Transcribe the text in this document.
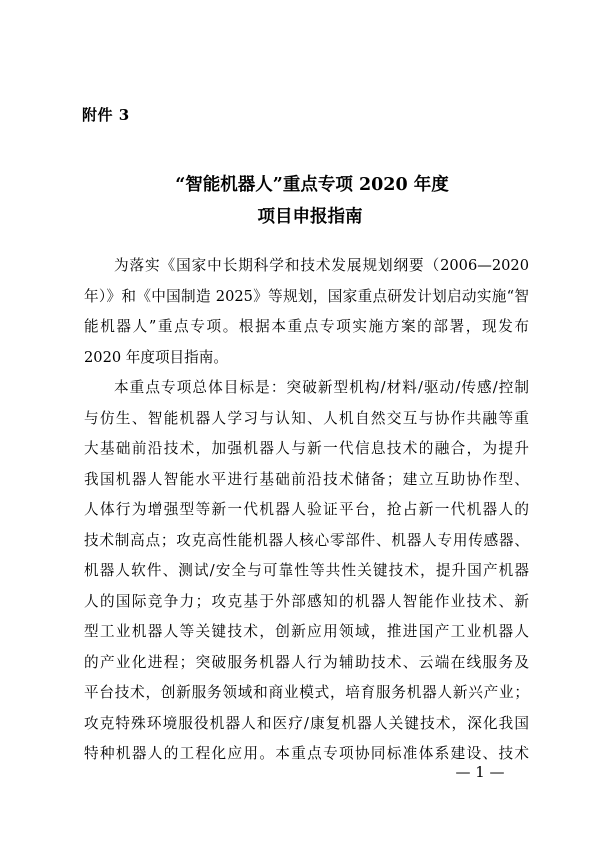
附件 3
“智能机器人”重点专项 2020 年度
项目申报指南
为落实《国家中长期科学和技术发展规划纲要（2006—2020
年）》和《中国制造 2025》等规划，国家重点研发计划启动实施“智
能机器人”重点专项。根据本重点专项实施方案的部署，现发布
2020 年度项目指南。
本重点专项总体目标是：突破新型机构/材料/驱动/传感/控制
与仿生、智能机器人学习与认知、人机自然交互与协作共融等重
大基础前沿技术，加强机器人与新一代信息技术的融合，为提升
我国机器人智能水平进行基础前沿技术储备；建立互助协作型、
人体行为增强型等新一代机器人验证平台，抢占新一代机器人的
技术制高点；攻克高性能机器人核心零部件、机器人专用传感器、
机器人软件、测试/安全与可靠性等共性关键技术，提升国产机器
人的国际竞争力；攻克基于外部感知的机器人智能作业技术、新
型工业机器人等关键技术，创新应用领域，推进国产工业机器人
的产业化进程；突破服务机器人行为辅助技术、云端在线服务及
平台技术，创新服务领域和商业模式，培育服务机器人新兴产业；
攻克特殊环境服役机器人和医疗/康复机器人关键技术，深化我国
特种机器人的工程化应用。本重点专项协同标准体系建设、技术
— 1 —
